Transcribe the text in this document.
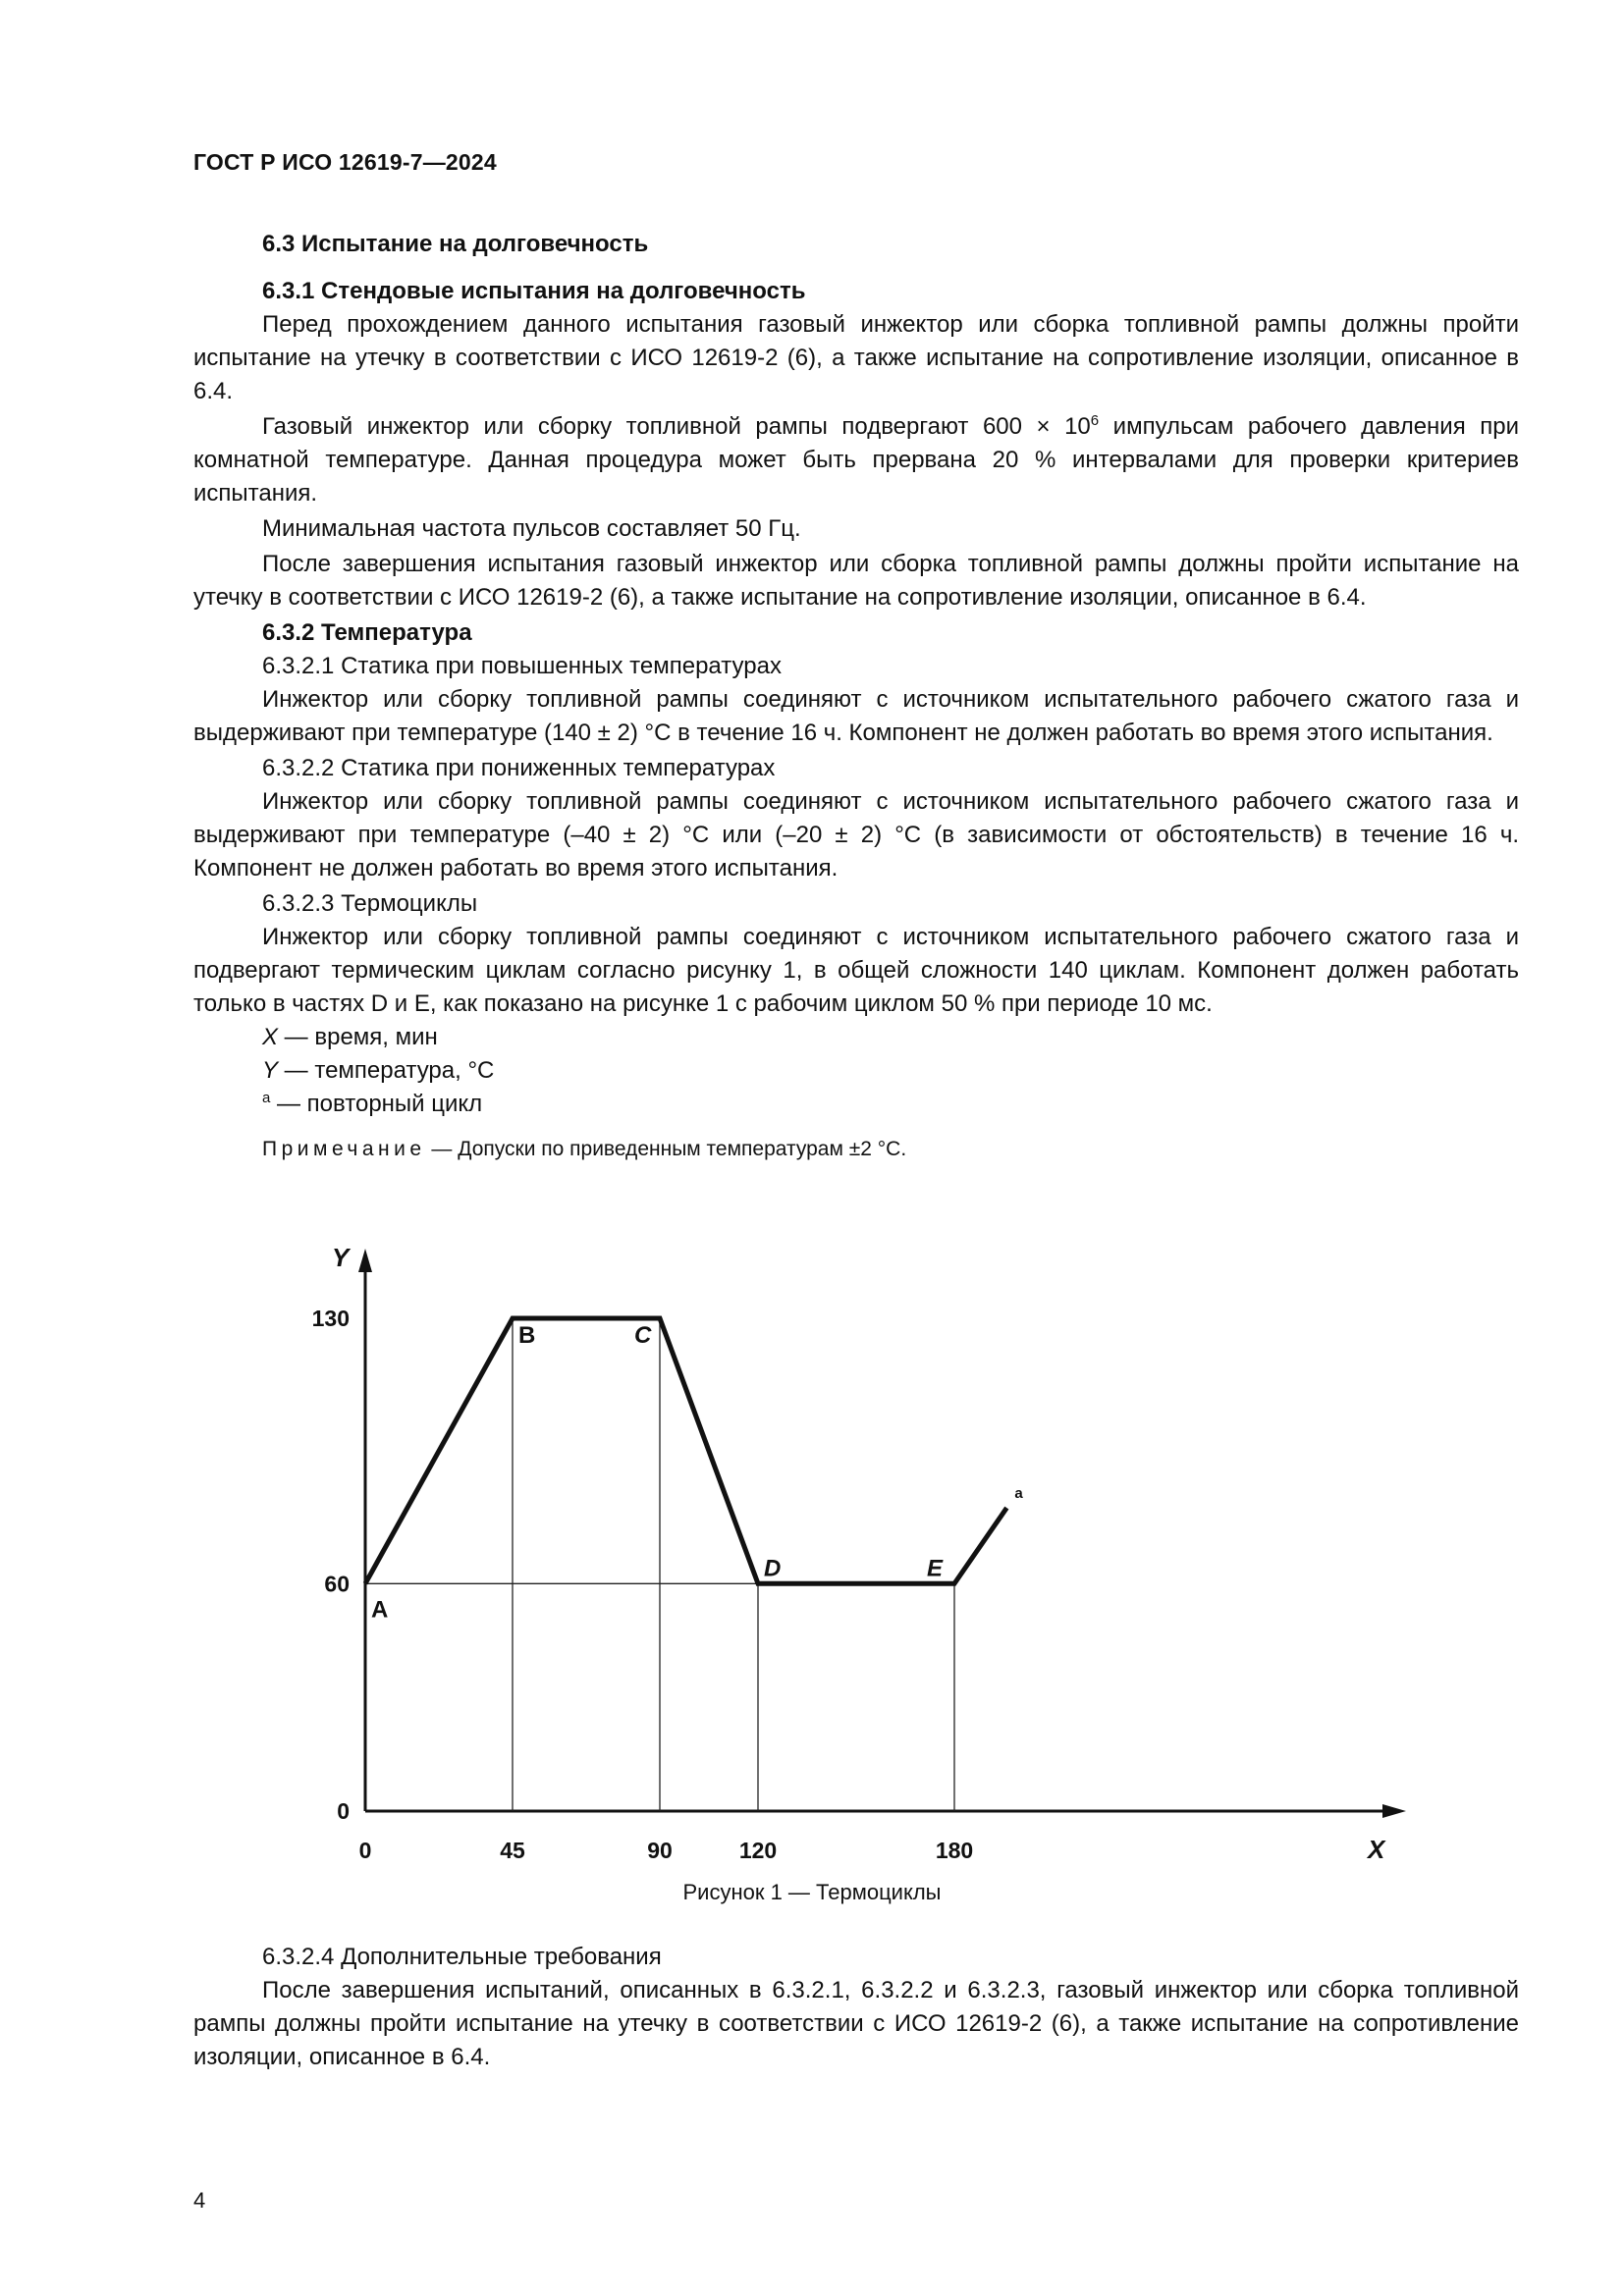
ГОСТ Р ИСО 12619-7—2024

6.3 Испытание на долговечность

6.3.1 Стендовые испытания на долговечность

Перед прохождением данного испытания газовый инжектор или сборка топливной рампы должны пройти испытание на утечку в соответствии с ИСО 12619-2 (6), а также испытание на сопротивление изоляции, описанное в 6.4.

Газовый инжектор или сборку топливной рампы подвергают $600 \times 10^6$ импульсам рабочего давления при комнатной температуре. Данная процедура может быть прервана 20 % интервалами для проверки критериев испытания.

Минимальная частота пульсов составляет 50 Гц.

После завершения испытания газовый инжектор или сборка топливной рампы должны пройти испытание на утечку в соответствии с ИСО 12619-2 (6), а также испытание на сопротивление изоляции, описанное в 6.4.

6.3.2 Температура

6.3.2.1 Статика при повышенных температурах

Инжектор или сборку топливной рампы соединяют с источником испытательного рабочего сжатого газа и выдерживают при температуре (140 ± 2) °C в течение 16 ч. Компонент не должен работать во время этого испытания.

6.3.2.2 Статика при пониженных температурах

Инжектор или сборку топливной рампы соединяют с источником испытательного рабочего сжатого газа и выдерживают при температуре (–40 ± 2) °C или (–20 ± 2) °C (в зависимости от обстоятельств) в течение 16 ч. Компонент не должен работать во время этого испытания.

6.3.2.3 Термоциклы

Инжектор или сборку топливной рампы соединяют с источником испытательного рабочего сжатого газа и подвергают термическим циклам согласно рисунку 1, в общей сложности 140 циклам. Компонент должен работать только в частях D и E, как показано на рисунке 1 с рабочим циклом 50 % при периоде 10 мс.

X — время, мин

Y — температура, °C

$^a$ — повторный цикл

Примечание — Допуски по приведенным температурам ±2 °С.

X
Y
0	45	90	120	180
0
60
130
A
B	C
D	E
a
Рисунок 1 — Термоциклы

6.3.2.4 Дополнительные требования

После завершения испытаний, описанных в 6.3.2.1, 6.3.2.2 и 6.3.2.3, газовый инжектор или сборка топливной рампы должны пройти испытание на утечку в соответствии с ИСО 12619-2 (6), а также испытание на сопротивление изоляции, описанное в 6.4.

4
